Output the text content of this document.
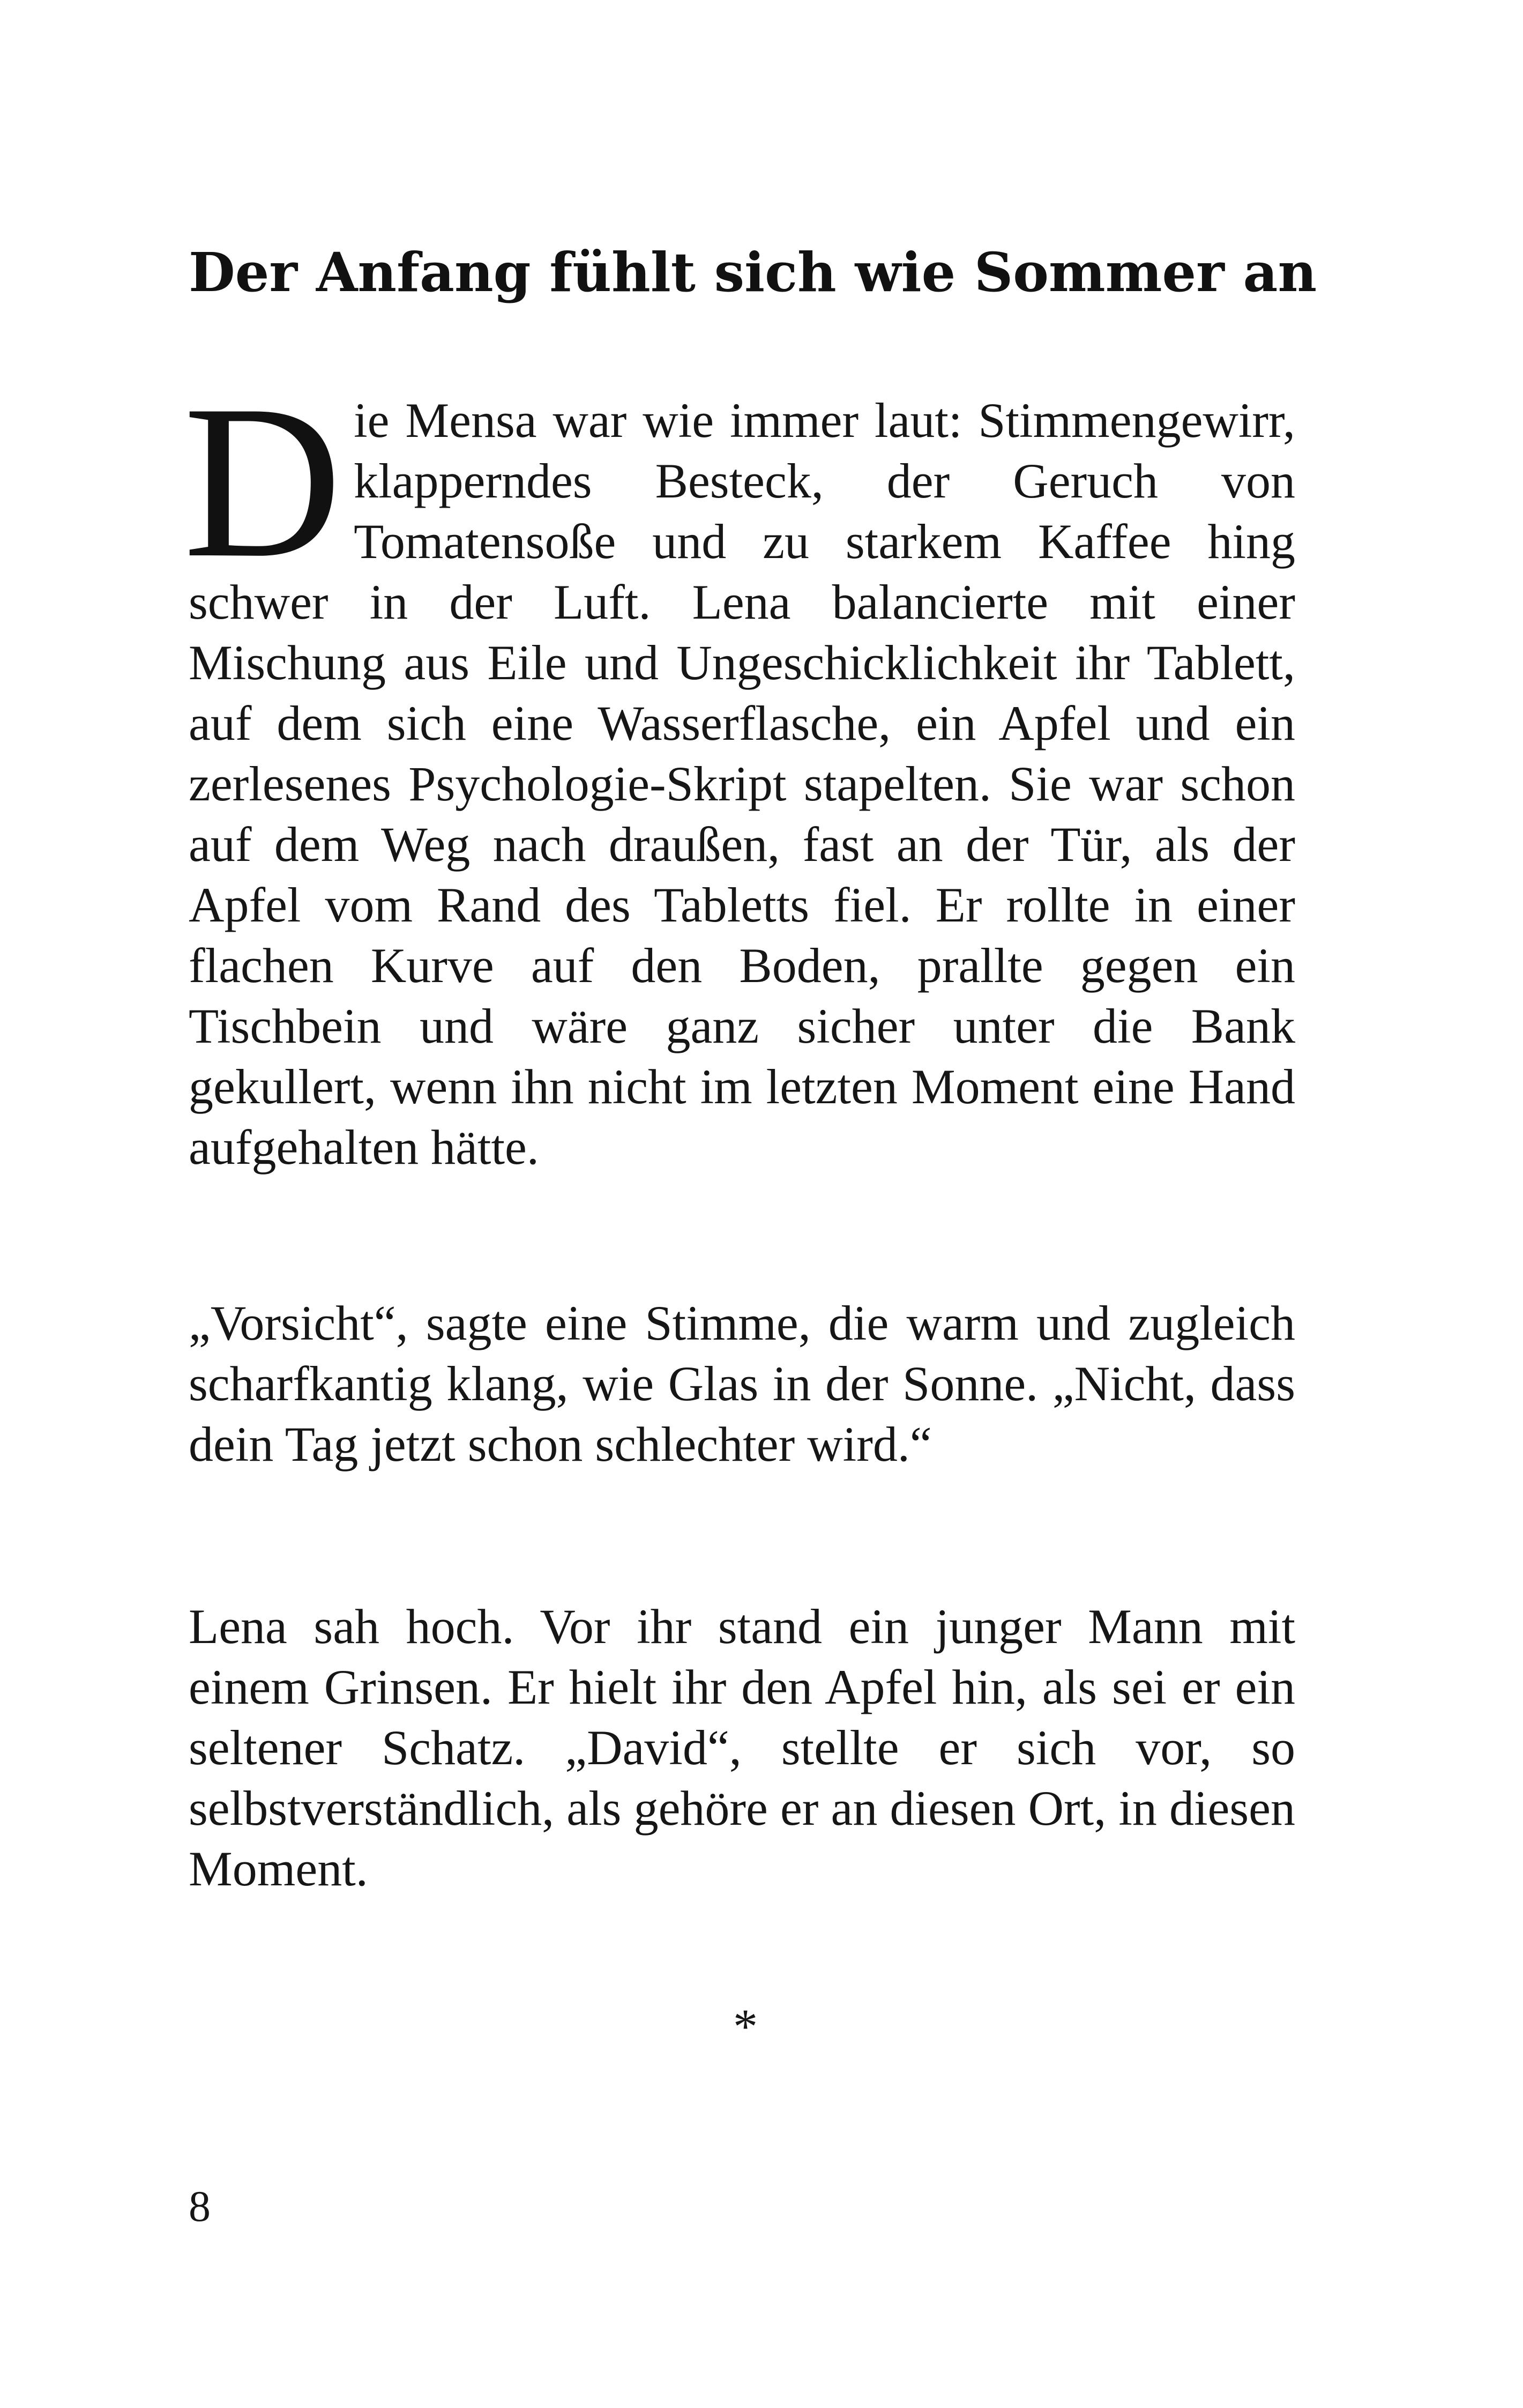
Der Anfang fühlt sich wie Sommer an

Die Mensa war wie immer laut: Stimmengewirr, klapperndes Besteck, der Geruch von Tomatensoße und zu starkem Kaffee hing schwer in der Luft. Lena balancierte mit einer Mischung aus Eile und Ungeschicklichkeit ihr Tablett, auf dem sich eine Wasserflasche, ein Apfel und ein zerlesenes Psychologie-Skript stapelten. Sie war schon auf dem Weg nach draußen, fast an der Tür, als der Apfel vom Rand des Tabletts fiel. Er rollte in einer flachen Kurve auf den Boden, prallte gegen ein Tischbein und wäre ganz sicher unter die Bank gekullert, wenn ihn nicht im letzten Moment eine Hand aufgehalten hätte.

„Vorsicht“, sagte eine Stimme, die warm und zugleich scharfkantig klang, wie Glas in der Sonne. „Nicht, dass dein Tag jetzt schon schlechter wird.“

Lena sah hoch. Vor ihr stand ein junger Mann mit einem Grinsen. Er hielt ihr den Apfel hin, als sei er ein seltener Schatz. „David“, stellte er sich vor, so selbstverständlich, als gehöre er an diesen Ort, in diesen Moment.

*
8
